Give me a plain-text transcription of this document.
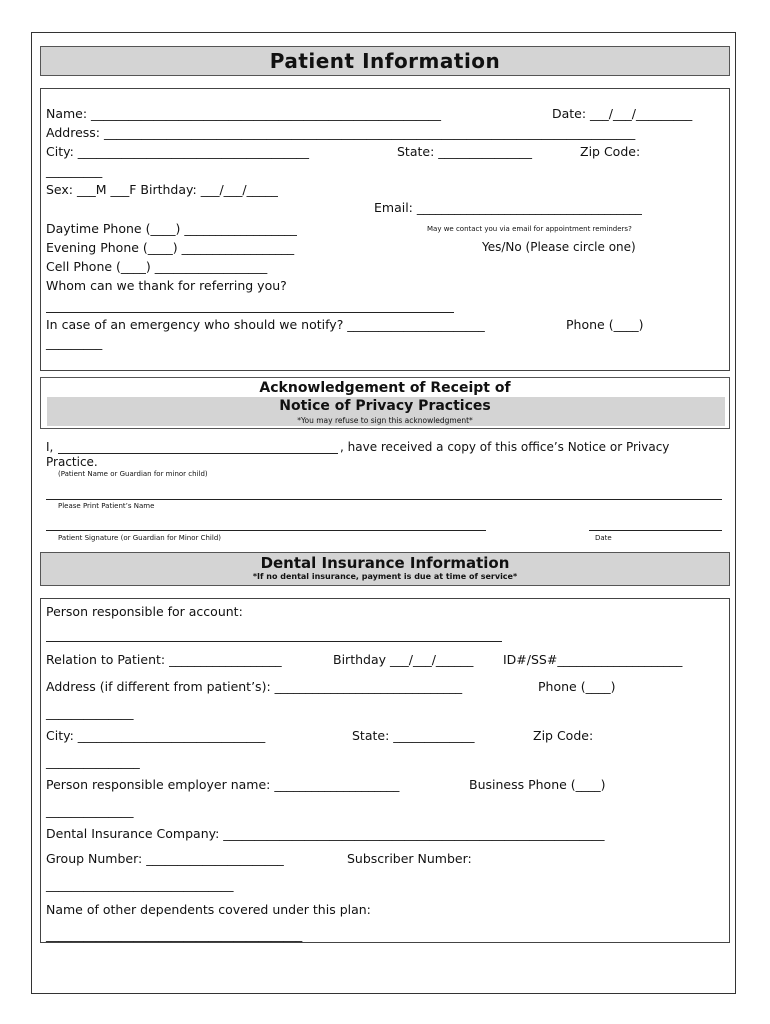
Patient Information
Name: ________________________________________________________	Date: ___/___/_________
Address: _____________________________________________________________________________________
City: _____________________________________	State: _______________	Zip Code:
_________
Sex: ___M ___F Birthday: ___/___/_____
Email: ____________________________________
Daytime Phone (____) __________________	May we contact you via email for appointment reminders?
Yes/No (Please circle one)
Evening Phone (____) __________________
Cell Phone (____) __________________
Whom can we thank for referring you?
In case of an emergency who should we notify? ______________________	Phone (____)
_________
Acknowledgement of Receipt of
Notice of Privacy Practices
*You may refuse to sign this acknowledgment*
I,	, have received a copy of this office’s Notice or Privacy
Practice.
(Patient Name or Guardian for minor child)
Please Print Patient’s Name
Patient Signature (or Guardian for Minor Child)	Date
Dental Insurance Information
*If no dental insurance, payment is due at time of service*
Person responsible for account:
Relation to Patient: __________________	Birthday ___/___/______ ID#/SS#____________________
Address (if different from patient’s): ______________________________	Phone (____)
______________
City: ______________________________	State: _____________	Zip Code:
_______________
Person responsible employer name: ____________________	Business Phone (____)
______________
Dental Insurance Company: _____________________________________________________________
Group Number: ______________________	Subscriber Number:
______________________________
Name of other dependents covered under this plan:
_________________________________________
